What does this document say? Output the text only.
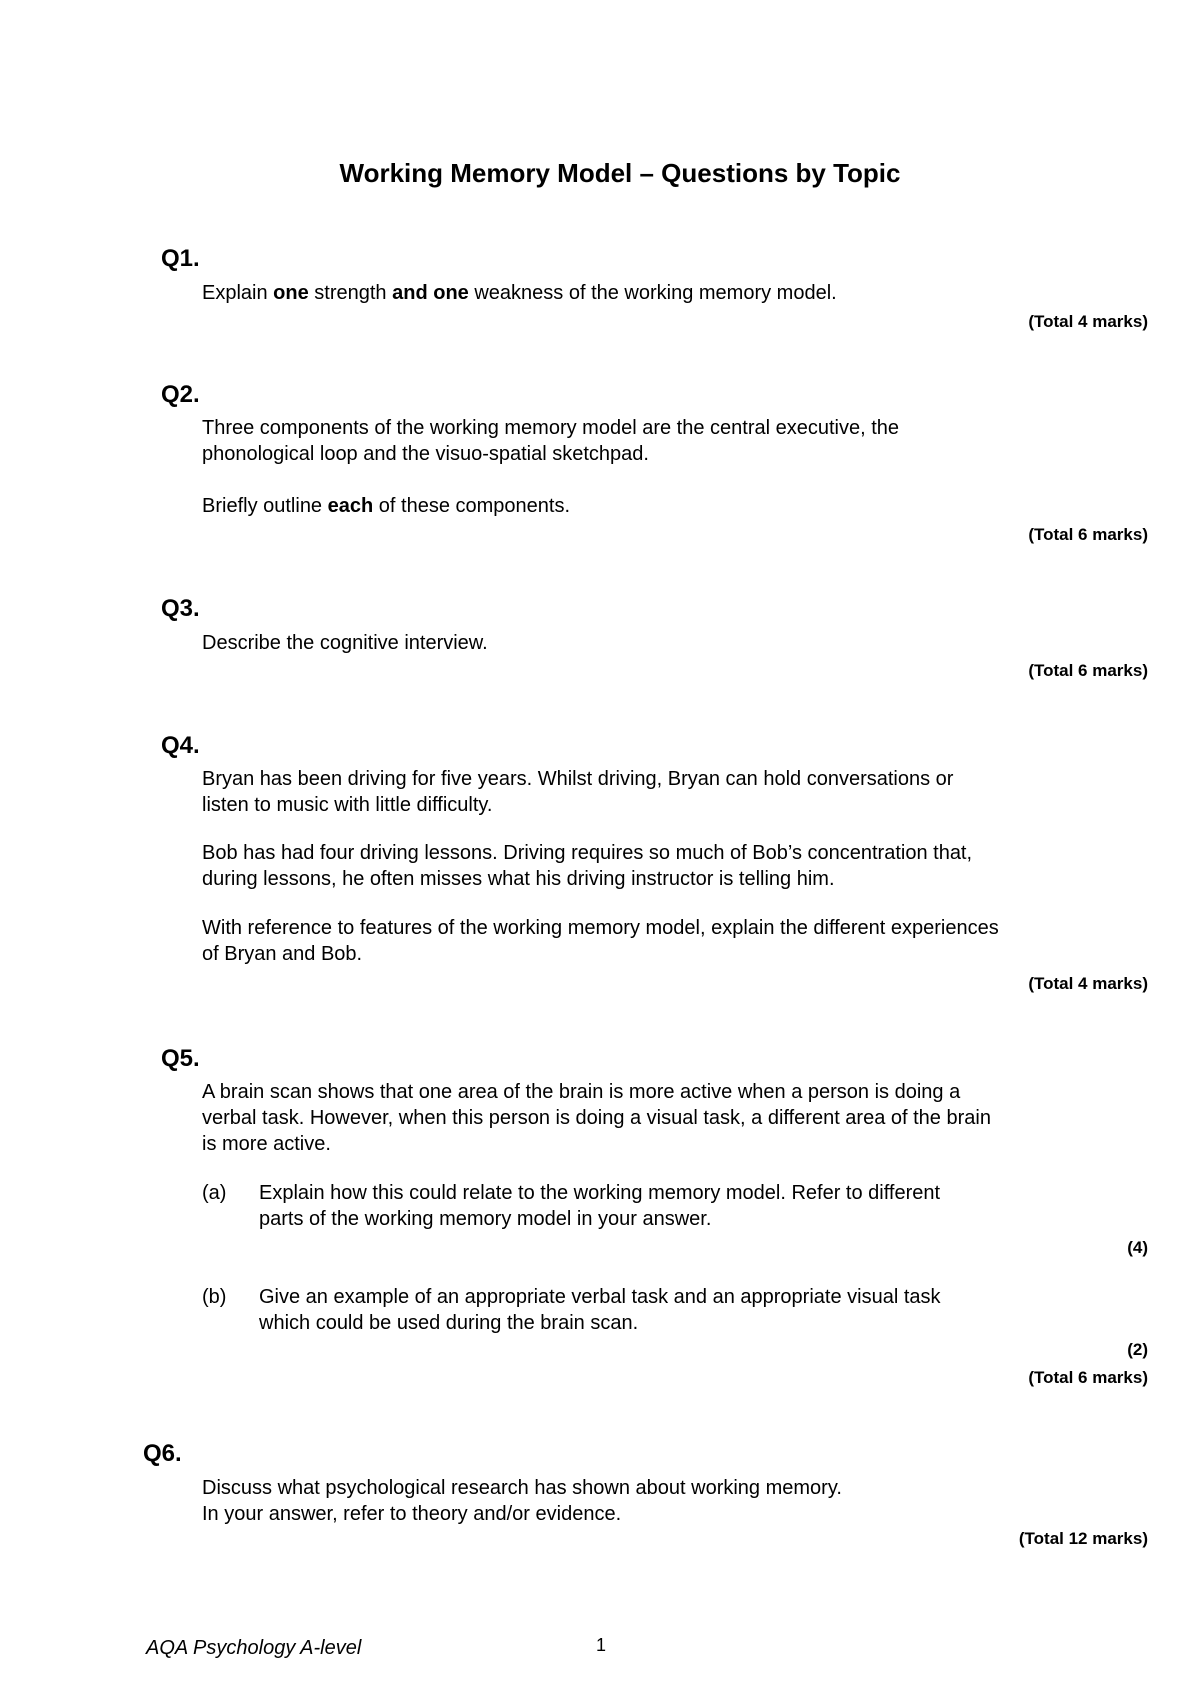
Working Memory Model – Questions by Topic
Q1.
Explain one strength and one weakness of the working memory model.
(Total 4 marks)
Q2.
Three components of the working memory model are the central executive, the
phonological loop and the visuo-spatial sketchpad.
Briefly outline each of these components.
(Total 6 marks)
Q3.
Describe the cognitive interview.
(Total 6 marks)
Q4.
Bryan has been driving for five years. Whilst driving, Bryan can hold conversations or
listen to music with little difficulty.
Bob has had four driving lessons. Driving requires so much of Bob’s concentration that,
during lessons, he often misses what his driving instructor is telling him.
With reference to features of the working memory model, explain the different experiences
of Bryan and Bob.
(Total 4 marks)
Q5.
A brain scan shows that one area of the brain is more active when a person is doing a
verbal task. However, when this person is doing a visual task, a different area of the brain
is more active.
(a) Explain how this could relate to the working memory model. Refer to different
parts of the working memory model in your answer.
(4)
(b) Give an example of an appropriate verbal task and an appropriate visual task
which could be used during the brain scan.
(2)
(Total 6 marks)
Q6.
Discuss what psychological research has shown about working memory.
In your answer, refer to theory and/or evidence.
(Total 12 marks)
AQA Psychology A-level	1
